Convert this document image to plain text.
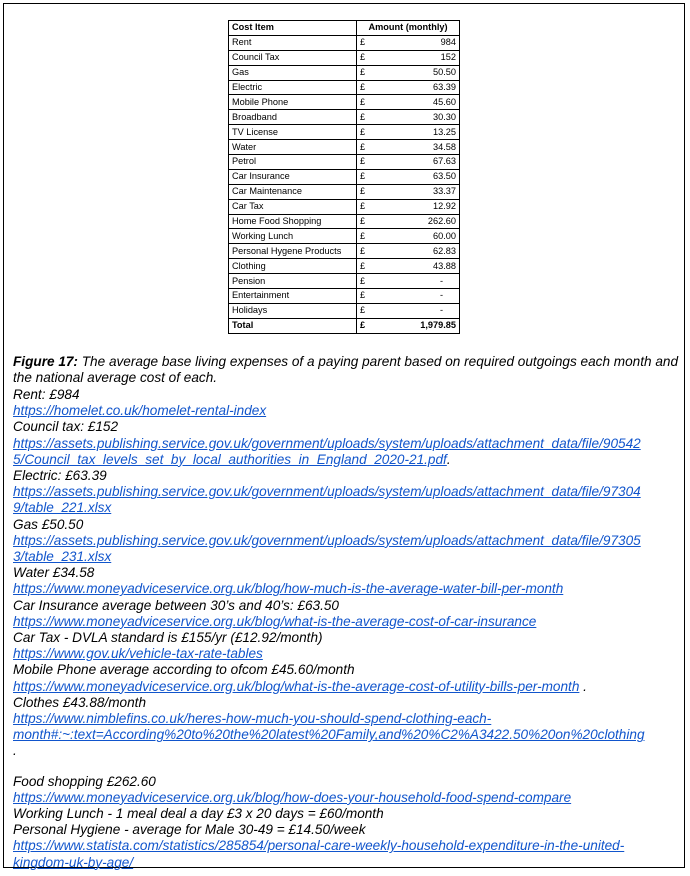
Cost Item	Amount (monthly)	
Rent	£	984
Council Tax	£	152
Gas	£	50.50
Electric	£	63.39
Mobile Phone	£	45.60
Broadband	£	30.30
TV License	£	13.25
Water	£	34.58
Petrol	£	67.63
Car Insurance	£	63.50
Car Maintenance	£	33.37
Car Tax	£	12.92
Home Food Shopping	£	262.60
Working Lunch	£	60.00
Personal Hygene Products	£	62.83
Clothing	£	43.88
Pension	£	-
Entertainment	£	-
Holidays	£	-
Total	£	1,979.85
Figure 17: The average base living expenses of a paying parent based on required outgoings each month and the national average cost of each.
Rent: £984
https://homelet.co.uk/homelet-rental-index
Council tax: £152
https://assets.publishing.service.gov.uk/government/uploads/system/uploads/attachment_data/file/90542
5/Council_tax_levels_set_by_local_authorities_in_England_2020-21.pdf.
Electric: £63.39
https://assets.publishing.service.gov.uk/government/uploads/system/uploads/attachment_data/file/97304
9/table_221.xlsx
Gas £50.50
https://assets.publishing.service.gov.uk/government/uploads/system/uploads/attachment_data/file/97305
3/table_231.xlsx
Water £34.58
https://www.moneyadviceservice.org.uk/blog/how-much-is-the-average-water-bill-per-month
Car Insurance average between 30’s and 40’s: £63.50
https://www.moneyadviceservice.org.uk/blog/what-is-the-average-cost-of-car-insurance
Car Tax - DVLA standard is £155/yr (£12.92/month)
https://www.gov.uk/vehicle-tax-rate-tables
Mobile Phone average according to ofcom £45.60/month
https://www.moneyadviceservice.org.uk/blog/what-is-the-average-cost-of-utility-bills-per-month .
Clothes £43.88/month
https://www.nimblefins.co.uk/heres-how-much-you-should-spend-clothing-each-
month#:~:text=According%20to%20the%20latest%20Family,and%20%C2%A3422.50%20on%20clothing
.
Food shopping £262.60
https://www.moneyadviceservice.org.uk/blog/how-does-your-household-food-spend-compare
Working Lunch - 1 meal deal a day £3 x 20 days = £60/month
Personal Hygiene - average for Male 30-49 = £14.50/week
https://www.statista.com/statistics/285854/personal-care-weekly-household-expenditure-in-the-united-
kingdom-uk-by-age/
